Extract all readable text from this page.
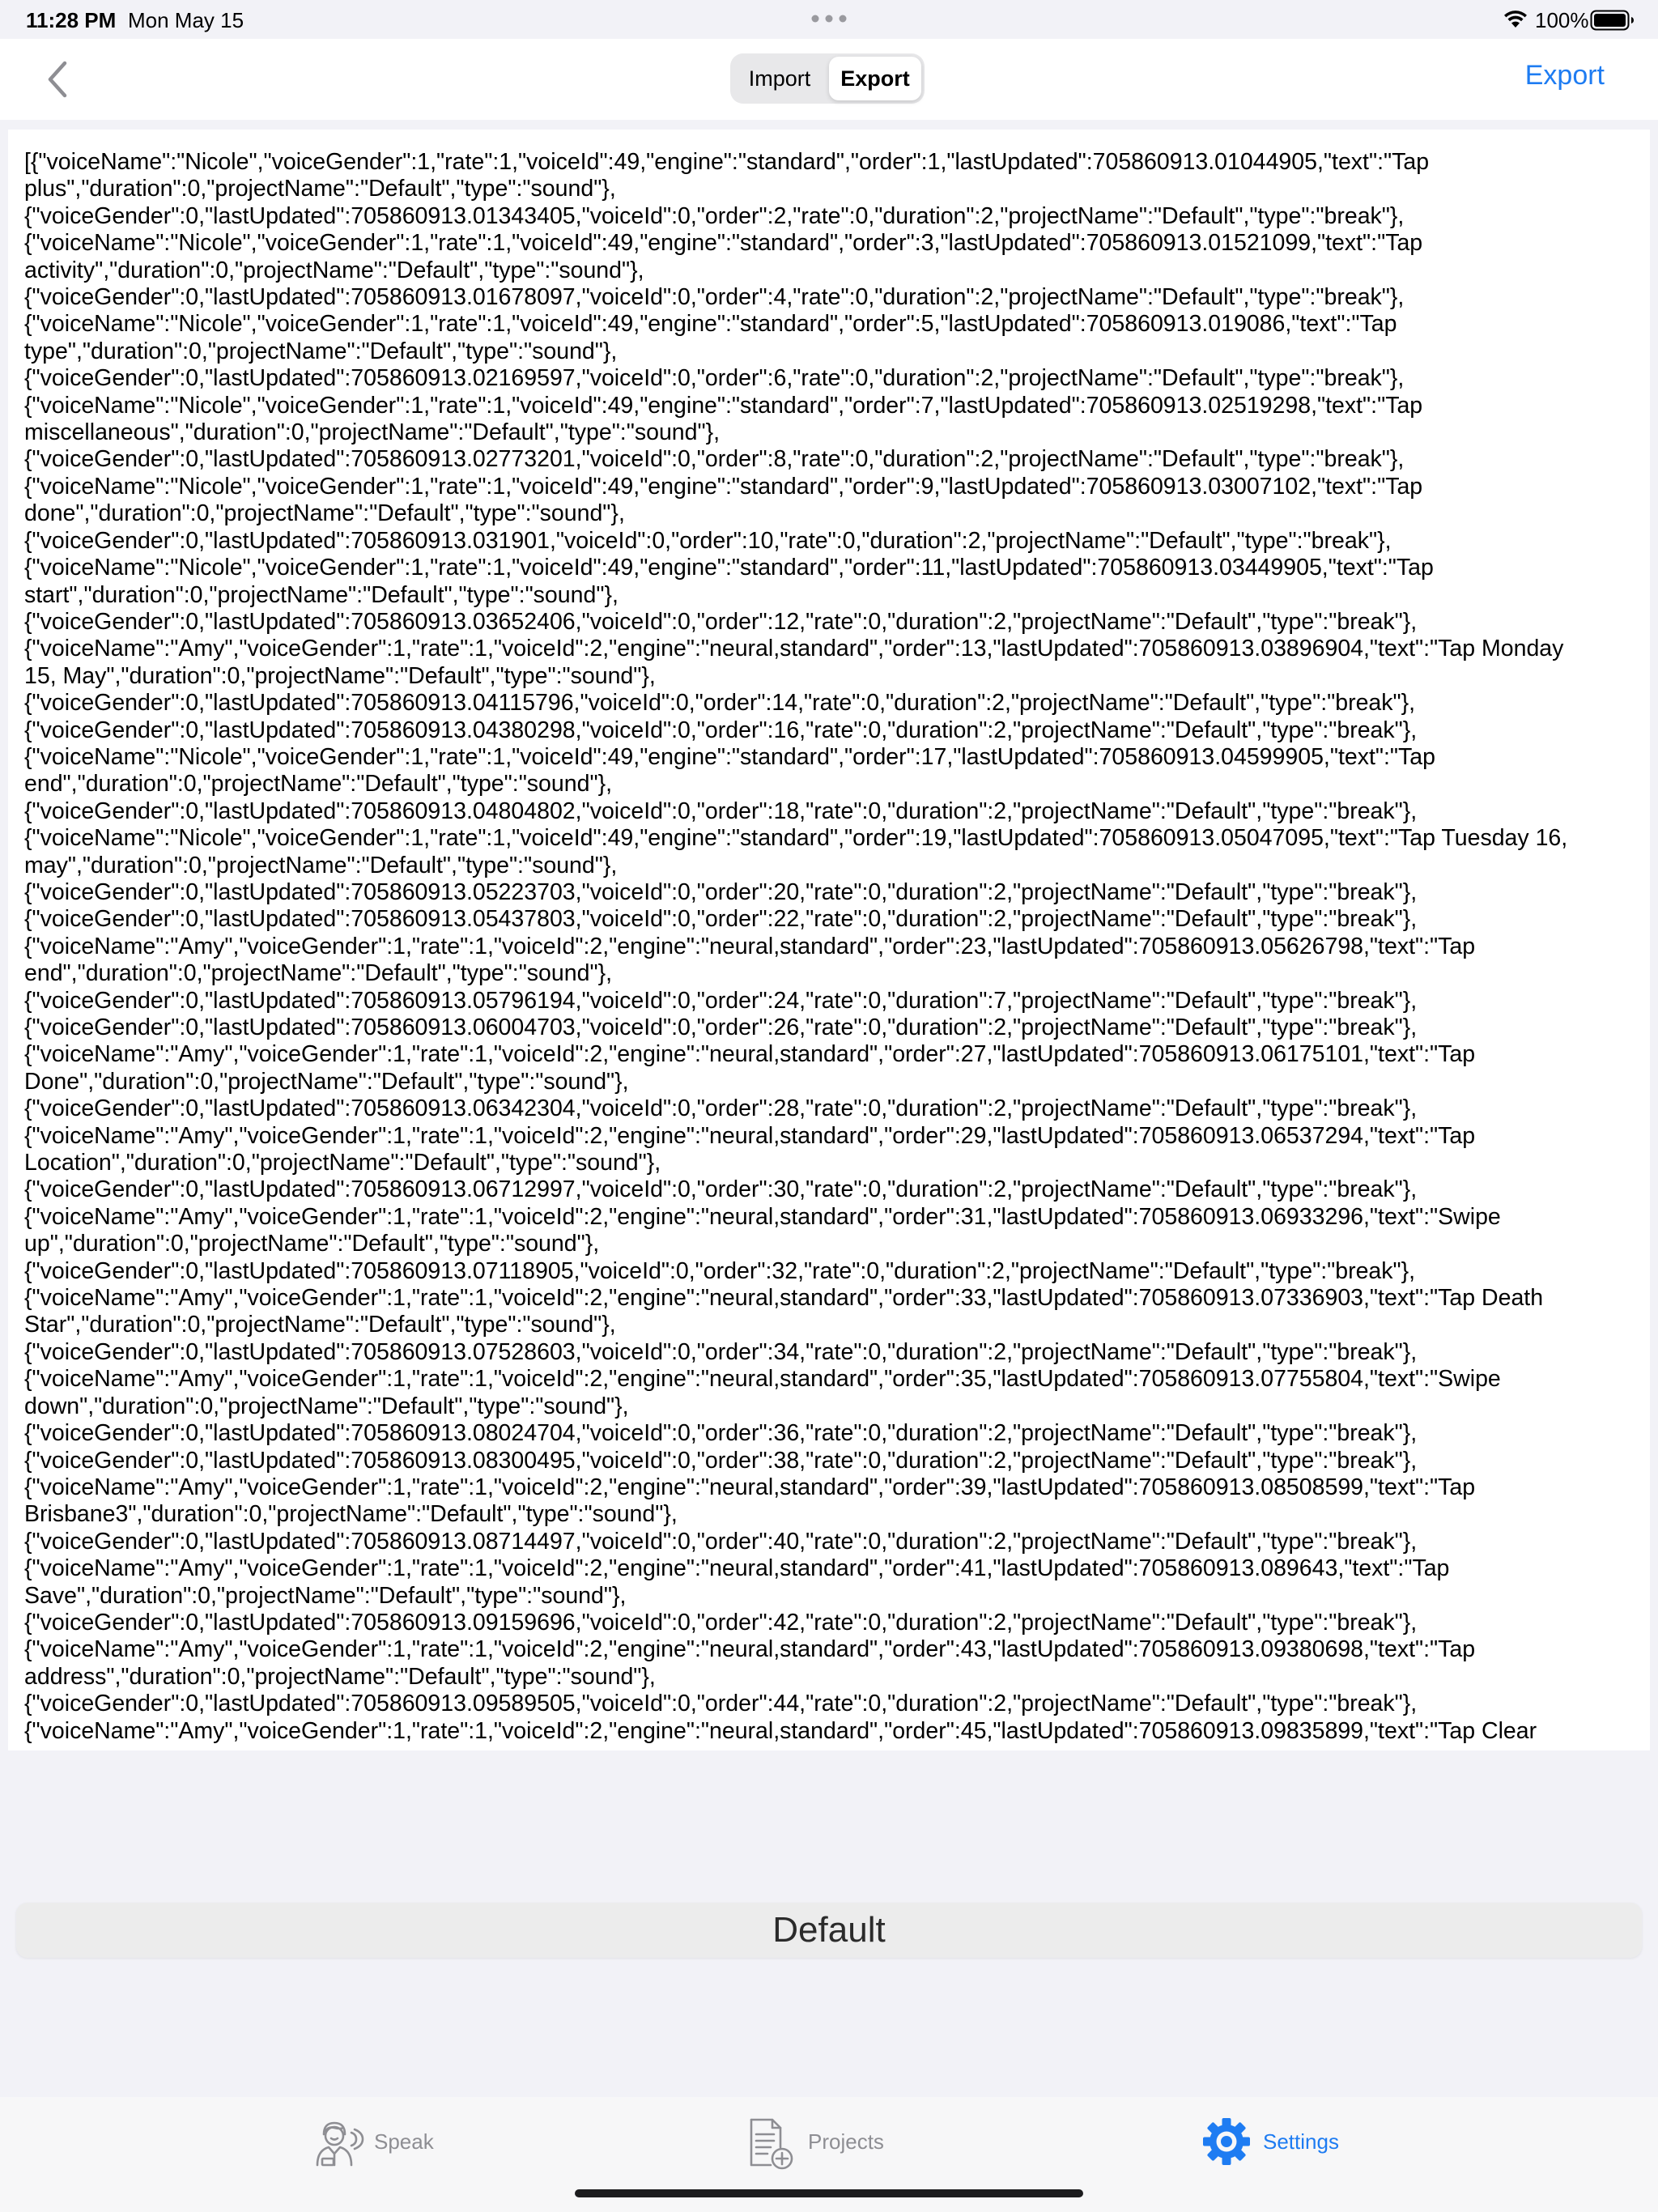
11:28 PM Mon May 15	100%
Import	Export	Export
[{"voiceName":"Nicole","voiceGender":1,"rate":1,"voiceId":49,"engine":"standard","order":1,"lastUpdated":705860913.01044905,"text":"Tap
plus","duration":0,"projectName":"Default","type":"sound"},
{"voiceGender":0,"lastUpdated":705860913.01343405,"voiceId":0,"order":2,"rate":0,"duration":2,"projectName":"Default","type":"break"},
{"voiceName":"Nicole","voiceGender":1,"rate":1,"voiceId":49,"engine":"standard","order":3,"lastUpdated":705860913.01521099,"text":"Tap
activity","duration":0,"projectName":"Default","type":"sound"},
{"voiceGender":0,"lastUpdated":705860913.01678097,"voiceId":0,"order":4,"rate":0,"duration":2,"projectName":"Default","type":"break"},
{"voiceName":"Nicole","voiceGender":1,"rate":1,"voiceId":49,"engine":"standard","order":5,"lastUpdated":705860913.019086,"text":"Tap
type","duration":0,"projectName":"Default","type":"sound"},
{"voiceGender":0,"lastUpdated":705860913.02169597,"voiceId":0,"order":6,"rate":0,"duration":2,"projectName":"Default","type":"break"},
{"voiceName":"Nicole","voiceGender":1,"rate":1,"voiceId":49,"engine":"standard","order":7,"lastUpdated":705860913.02519298,"text":"Tap
miscellaneous","duration":0,"projectName":"Default","type":"sound"},
{"voiceGender":0,"lastUpdated":705860913.02773201,"voiceId":0,"order":8,"rate":0,"duration":2,"projectName":"Default","type":"break"},
{"voiceName":"Nicole","voiceGender":1,"rate":1,"voiceId":49,"engine":"standard","order":9,"lastUpdated":705860913.03007102,"text":"Tap
done","duration":0,"projectName":"Default","type":"sound"},
{"voiceGender":0,"lastUpdated":705860913.031901,"voiceId":0,"order":10,"rate":0,"duration":2,"projectName":"Default","type":"break"},
{"voiceName":"Nicole","voiceGender":1,"rate":1,"voiceId":49,"engine":"standard","order":11,"lastUpdated":705860913.03449905,"text":"Tap
start","duration":0,"projectName":"Default","type":"sound"},
{"voiceGender":0,"lastUpdated":705860913.03652406,"voiceId":0,"order":12,"rate":0,"duration":2,"projectName":"Default","type":"break"},
{"voiceName":"Amy","voiceGender":1,"rate":1,"voiceId":2,"engine":"neural,standard","order":13,"lastUpdated":705860913.03896904,"text":"Tap Monday
15, May","duration":0,"projectName":"Default","type":"sound"},
{"voiceGender":0,"lastUpdated":705860913.04115796,"voiceId":0,"order":14,"rate":0,"duration":2,"projectName":"Default","type":"break"},
{"voiceGender":0,"lastUpdated":705860913.04380298,"voiceId":0,"order":16,"rate":0,"duration":2,"projectName":"Default","type":"break"},
{"voiceName":"Nicole","voiceGender":1,"rate":1,"voiceId":49,"engine":"standard","order":17,"lastUpdated":705860913.04599905,"text":"Tap
end","duration":0,"projectName":"Default","type":"sound"},
{"voiceGender":0,"lastUpdated":705860913.04804802,"voiceId":0,"order":18,"rate":0,"duration":2,"projectName":"Default","type":"break"},
{"voiceName":"Nicole","voiceGender":1,"rate":1,"voiceId":49,"engine":"standard","order":19,"lastUpdated":705860913.05047095,"text":"Tap Tuesday 16,
may","duration":0,"projectName":"Default","type":"sound"},
{"voiceGender":0,"lastUpdated":705860913.05223703,"voiceId":0,"order":20,"rate":0,"duration":2,"projectName":"Default","type":"break"},
{"voiceGender":0,"lastUpdated":705860913.05437803,"voiceId":0,"order":22,"rate":0,"duration":2,"projectName":"Default","type":"break"},
{"voiceName":"Amy","voiceGender":1,"rate":1,"voiceId":2,"engine":"neural,standard","order":23,"lastUpdated":705860913.05626798,"text":"Tap
end","duration":0,"projectName":"Default","type":"sound"},
{"voiceGender":0,"lastUpdated":705860913.05796194,"voiceId":0,"order":24,"rate":0,"duration":7,"projectName":"Default","type":"break"},
{"voiceGender":0,"lastUpdated":705860913.06004703,"voiceId":0,"order":26,"rate":0,"duration":2,"projectName":"Default","type":"break"},
{"voiceName":"Amy","voiceGender":1,"rate":1,"voiceId":2,"engine":"neural,standard","order":27,"lastUpdated":705860913.06175101,"text":"Tap
Done","duration":0,"projectName":"Default","type":"sound"},
{"voiceGender":0,"lastUpdated":705860913.06342304,"voiceId":0,"order":28,"rate":0,"duration":2,"projectName":"Default","type":"break"},
{"voiceName":"Amy","voiceGender":1,"rate":1,"voiceId":2,"engine":"neural,standard","order":29,"lastUpdated":705860913.06537294,"text":"Tap
Location","duration":0,"projectName":"Default","type":"sound"},
{"voiceGender":0,"lastUpdated":705860913.06712997,"voiceId":0,"order":30,"rate":0,"duration":2,"projectName":"Default","type":"break"},
{"voiceName":"Amy","voiceGender":1,"rate":1,"voiceId":2,"engine":"neural,standard","order":31,"lastUpdated":705860913.06933296,"text":"Swipe
up","duration":0,"projectName":"Default","type":"sound"},
{"voiceGender":0,"lastUpdated":705860913.07118905,"voiceId":0,"order":32,"rate":0,"duration":2,"projectName":"Default","type":"break"},
{"voiceName":"Amy","voiceGender":1,"rate":1,"voiceId":2,"engine":"neural,standard","order":33,"lastUpdated":705860913.07336903,"text":"Tap Death
Star","duration":0,"projectName":"Default","type":"sound"},
{"voiceGender":0,"lastUpdated":705860913.07528603,"voiceId":0,"order":34,"rate":0,"duration":2,"projectName":"Default","type":"break"},
{"voiceName":"Amy","voiceGender":1,"rate":1,"voiceId":2,"engine":"neural,standard","order":35,"lastUpdated":705860913.07755804,"text":"Swipe
down","duration":0,"projectName":"Default","type":"sound"},
{"voiceGender":0,"lastUpdated":705860913.08024704,"voiceId":0,"order":36,"rate":0,"duration":2,"projectName":"Default","type":"break"},
{"voiceGender":0,"lastUpdated":705860913.08300495,"voiceId":0,"order":38,"rate":0,"duration":2,"projectName":"Default","type":"break"},
{"voiceName":"Amy","voiceGender":1,"rate":1,"voiceId":2,"engine":"neural,standard","order":39,"lastUpdated":705860913.08508599,"text":"Tap
Brisbane3","duration":0,"projectName":"Default","type":"sound"},
{"voiceGender":0,"lastUpdated":705860913.08714497,"voiceId":0,"order":40,"rate":0,"duration":2,"projectName":"Default","type":"break"},
{"voiceName":"Amy","voiceGender":1,"rate":1,"voiceId":2,"engine":"neural,standard","order":41,"lastUpdated":705860913.089643,"text":"Tap
Save","duration":0,"projectName":"Default","type":"sound"},
{"voiceGender":0,"lastUpdated":705860913.09159696,"voiceId":0,"order":42,"rate":0,"duration":2,"projectName":"Default","type":"break"},
{"voiceName":"Amy","voiceGender":1,"rate":1,"voiceId":2,"engine":"neural,standard","order":43,"lastUpdated":705860913.09380698,"text":"Tap
address","duration":0,"projectName":"Default","type":"sound"},
{"voiceGender":0,"lastUpdated":705860913.09589505,"voiceId":0,"order":44,"rate":0,"duration":2,"projectName":"Default","type":"break"},
{"voiceName":"Amy","voiceGender":1,"rate":1,"voiceId":2,"engine":"neural,standard","order":45,"lastUpdated":705860913.09835899,"text":"Tap Clear

Default
Speak	Projects	Settings
